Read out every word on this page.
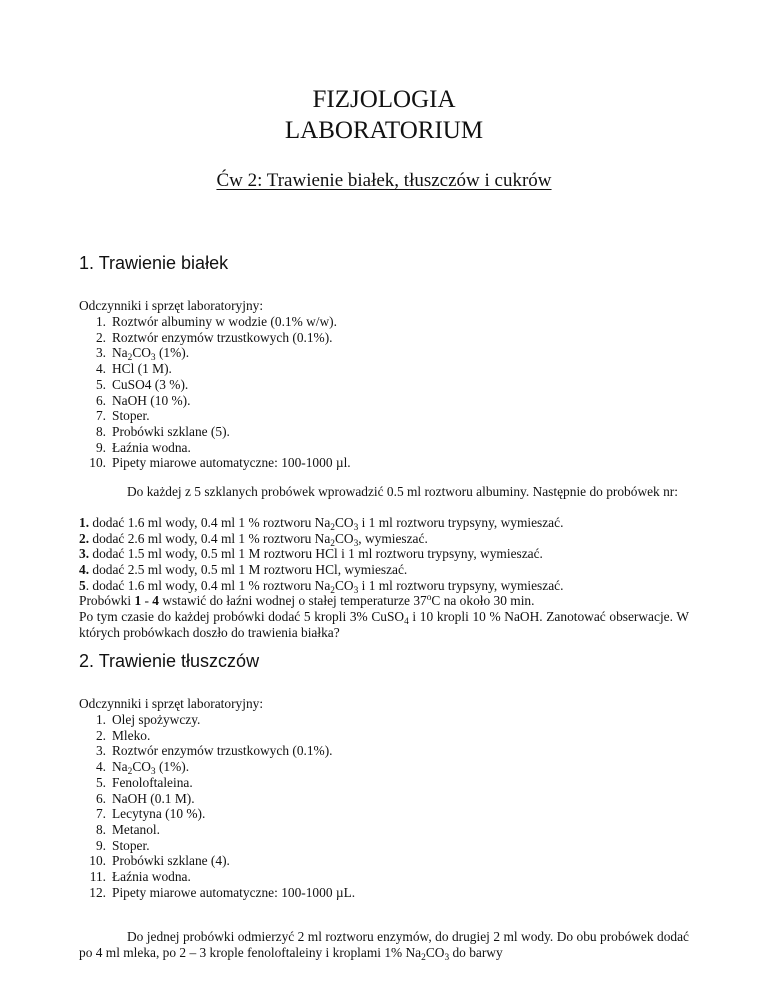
FIZJOLOGIA
LABORATORIUM
Ćw 2: Trawienie białek, tłuszczów i cukrów
1. Trawienie białek
Odczynniki i sprzęt laboratoryjny:
1. Roztwór albuminy w wodzie (0.1% w/w).
2. Roztwór enzymów trzustkowych (0.1%).
3. $Na_2CO_3$ (1%).
4. HCl (1 M).
5. CuSO4 (3 %).
6. NaOH (10 %).
7. Stoper.
8. Probówki szklane (5).
9. Łaźnia wodna.
10. Pipety miarowe automatyczne: 100-1000 µl.
Do każdej z 5 szklanych probówek wprowadzić 0.5 ml roztworu albuminy. Następnie do probówek nr:
1. dodać 1.6 ml wody, 0.4 ml 1 % roztworu $Na_2CO_3$ i 1 ml roztworu trypsyny, wymieszać.
2. dodać 2.6 ml wody, 0.4 ml 1 % roztworu $Na_2CO_3$, wymieszać.
3. dodać 1.5 ml wody, 0.5 ml 1 M roztworu HCl i 1 ml roztworu trypsyny, wymieszać.
4. dodać 2.5 ml wody, 0.5 ml 1 M roztworu HCl, wymieszać.
5. dodać 1.6 ml wody, 0.4 ml 1 % roztworu $Na_2CO_3$ i 1 ml roztworu trypsyny, wymieszać.
Probówki 1 - 4 wstawić do łaźni wodnej o stałej temperaturze 37$^o$C na około 30 min.
Po tym czasie do każdej probówki dodać 5 kropli 3% CuSO$_4$ i 10 kropli 10 % NaOH. Zanotować obserwacje. W których probówkach doszło do trawienia białka?
2. Trawienie tłuszczów
Odczynniki i sprzęt laboratoryjny:
1. Olej spożywczy.
2. Mleko.
3. Roztwór enzymów trzustkowych (0.1%).
4. $Na_2CO_3$ (1%).
5. Fenoloftaleina.
6. NaOH (0.1 M).
7. Lecytyna (10 %).
8. Metanol.
9. Stoper.
10. Probówki szklane (4).
11. Łaźnia wodna.
12. Pipety miarowe automatyczne: 100-1000 µL.
Do jednej probówki odmierzyć 2 ml roztworu enzymów, do drugiej 2 ml wody. Do obu probówek dodać po 4 ml mleka, po 2 – 3 krople fenoloftaleiny i kroplami 1% $Na_2CO_3$ do barwy
